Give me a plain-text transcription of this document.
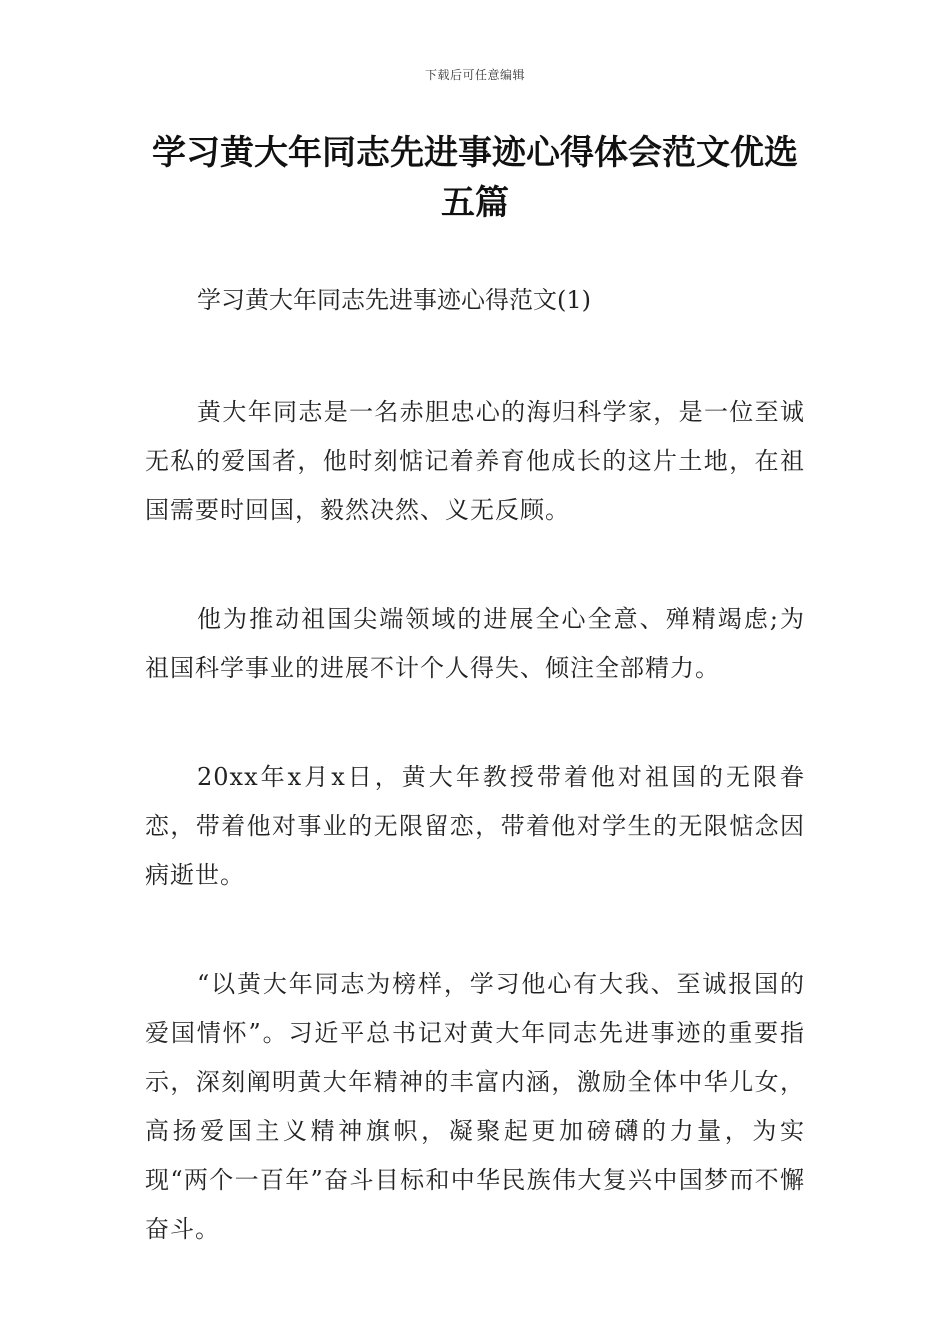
下载后可任意编辑
学习黄大年同志先进事迹心得体会范文优选五篇

学习黄大年同志先进事迹心得范文(1)

黄大年同志是一名赤胆忠心的海归科学家，是一位至诚无私的爱国者，他时刻惦记着养育他成长的这片土地，在祖国需要时回国，毅然决然、义无反顾。

他为推动祖国尖端领域的进展全心全意、殚精竭虑;为祖国科学事业的进展不计个人得失、倾注全部精力。

20xx年x月x日，黄大年教授带着他对祖国的无限眷恋，带着他对事业的无限留恋，带着他对学生的无限惦念因病逝世。

“以黄大年同志为榜样，学习他心有大我、至诚报国的爱国情怀”。习近平总书记对黄大年同志先进事迹的重要指示，深刻阐明黄大年精神的丰富内涵，激励全体中华儿女，高扬爱国主义精神旗帜，凝聚起更加磅礴的力量，为实现“两个一百年”奋斗目标和中华民族伟大复兴中国梦而不懈奋斗。
